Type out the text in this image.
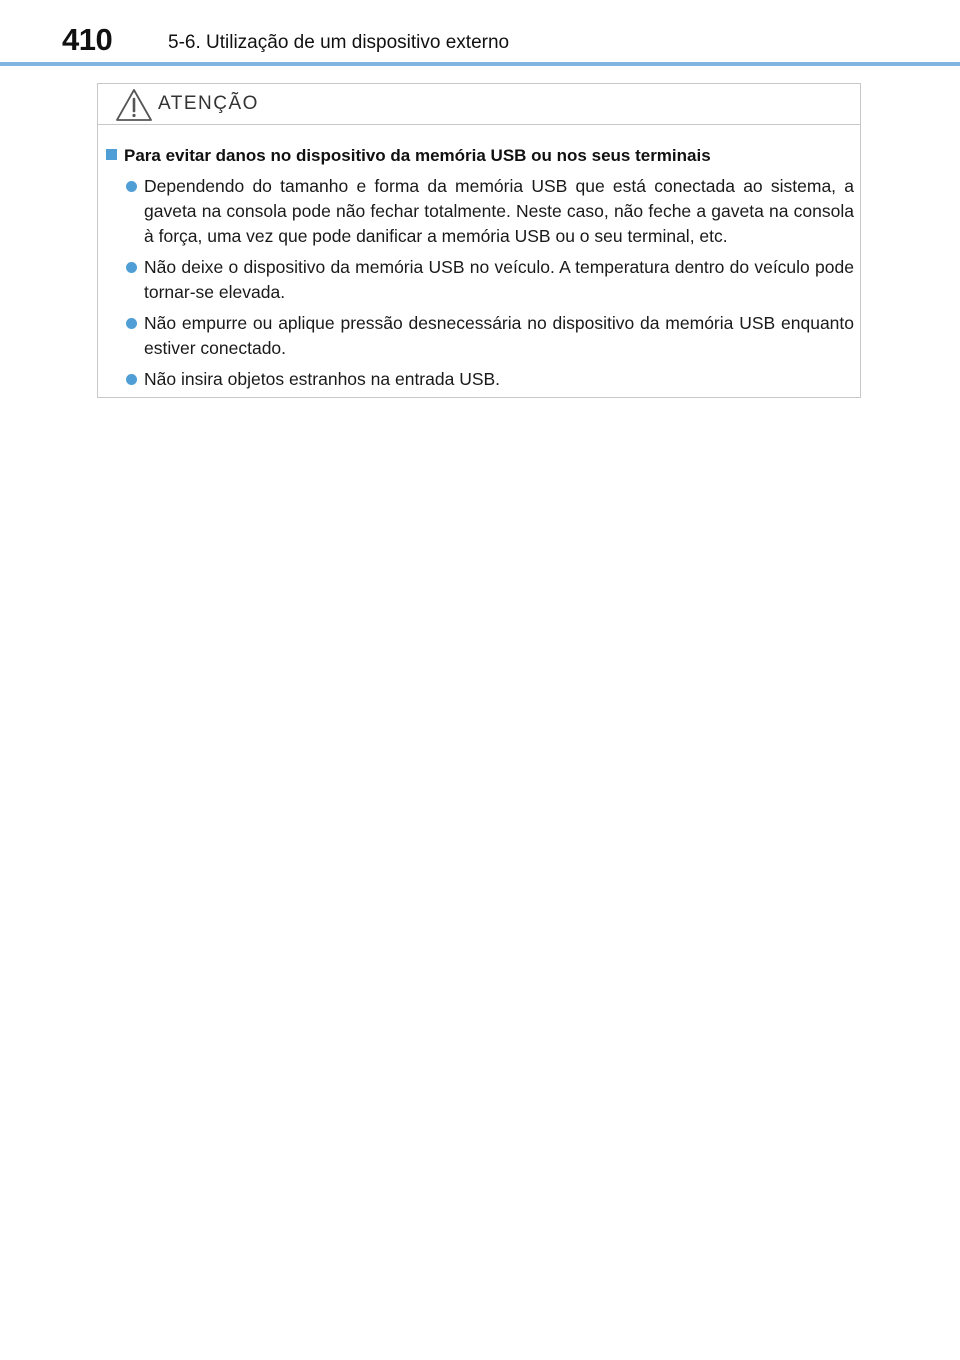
410	5-6. Utilização de um dispositivo externo
ATENÇÃO
Para evitar danos no dispositivo da memória USB ou nos seus terminais
Dependendo do tamanho e forma da memória USB que está conectada ao sistema, a gaveta na consola pode não fechar totalmente. Neste caso, não feche a gaveta na consola à força, uma vez que pode danificar a memória USB ou o seu terminal, etc.
Não deixe o dispositivo da memória USB no veículo. A temperatura dentro do veículo pode tornar-se elevada.
Não empurre ou aplique pressão desnecessária no dispositivo da memória USB enquanto estiver conectado.
Não insira objetos estranhos na entrada USB.
